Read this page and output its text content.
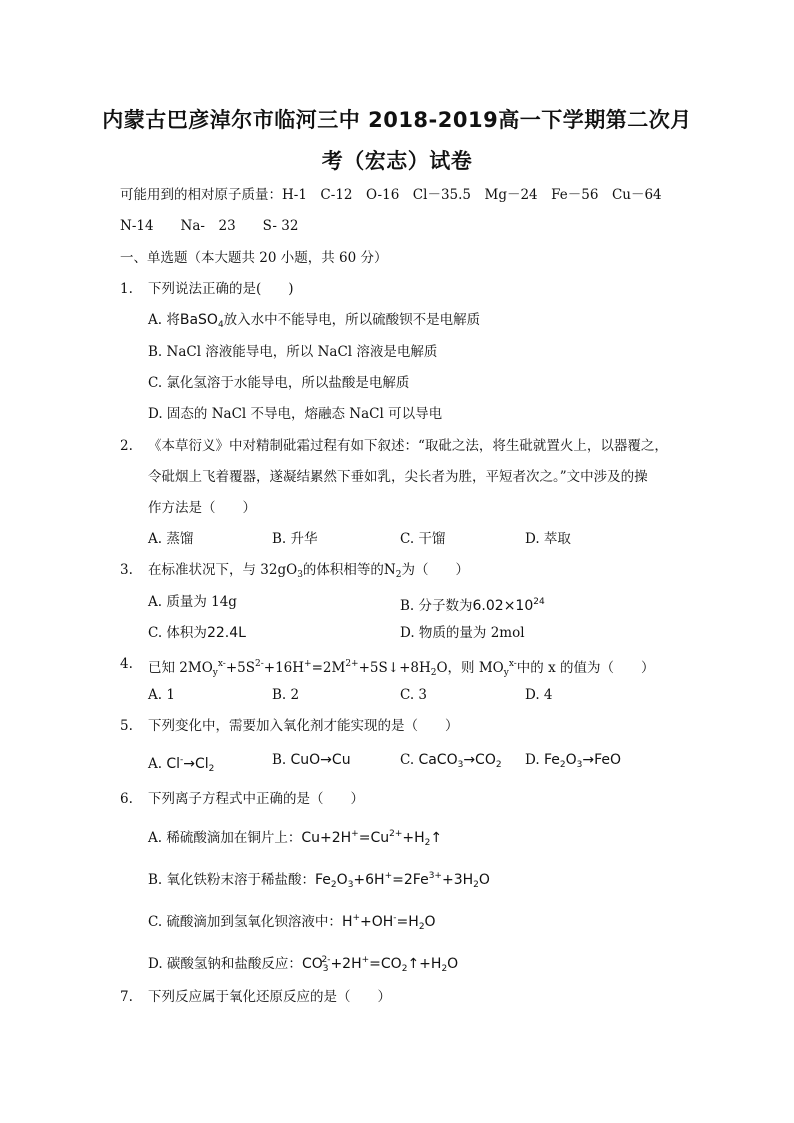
内蒙古巴彦淖尔市临河三中 2018-2019高一下学期第二次月
考（宏志）试卷
可能用到的相对原子质量：H-1　C-12　O-16　Cl－35.5　Mg－24　Fe－56　Cu－64
N-14　　Na-　23　　S- 32
一、单选题（本大题共 20 小题，共 60 分）
1. 下列说法正确的是(　　)
A. 将BaSO$_4$放入水中不能导电，所以硫酸钡不是电解质
B. NaCl 溶液能导电，所以 NaCl 溶液是电解质
C. 氯化氢溶于水能导电，所以盐酸是电解质
D. 固态的 NaCl 不导电，熔融态 NaCl 可以导电
2. 《本草衍义》中对精制砒霜过程有如下叙述：“取砒之法，将生砒就置火上，以器覆之，
令砒烟上飞着覆器，遂凝结累然下垂如乳，尖长者为胜，平短者次之。”文中涉及的操
作方法是（　　）
A. 蒸馏	B. 升华	C. 干馏	D. 萃取
3. 在标准状况下，与 $32gO_3$的体积相等的$N_2$为（　　）
A. 质量为 14g	B. 分子数为$6.02\times 10^{24}$
C. 体积为22.4L	D. 物质的量为 2mol
4. 已知 $2MO_y^{x-}+5S^{2-}+16H^+=2M^{2+}+5S↓+8H_2O$，则 $MO_y^{x-}$中的 x 的值为（　　）
A. 1	B. 2	C. 3	D. 4
5. 下列变化中，需要加入氧化剂才能实现的是（　　）
A. $Cl^-\to Cl_2$
B. CuO→Cu	C. $CaCO_3\to CO_2$ D. $Fe_2O_3\to FeO$
6. 下列离子方程式中正确的是（　　）
A. 稀硫酸滴加在铜片上：$Cu+2H^+=Cu^{2+}+H_2↑$
B. 氧化铁粉末溶于稀盐酸：$Fe_2O_3+6H^+=2Fe^{3+}+3H_2O$
C. 硫酸滴加到氢氧化钡溶液中：$H^++OH^-=H_2O$
D. 碳酸氢钠和盐酸反应：$CO_3^{2-}+2H^+=CO_2↑+H_2O$
7. 下列反应属于氧化还原反应的是（　　）
